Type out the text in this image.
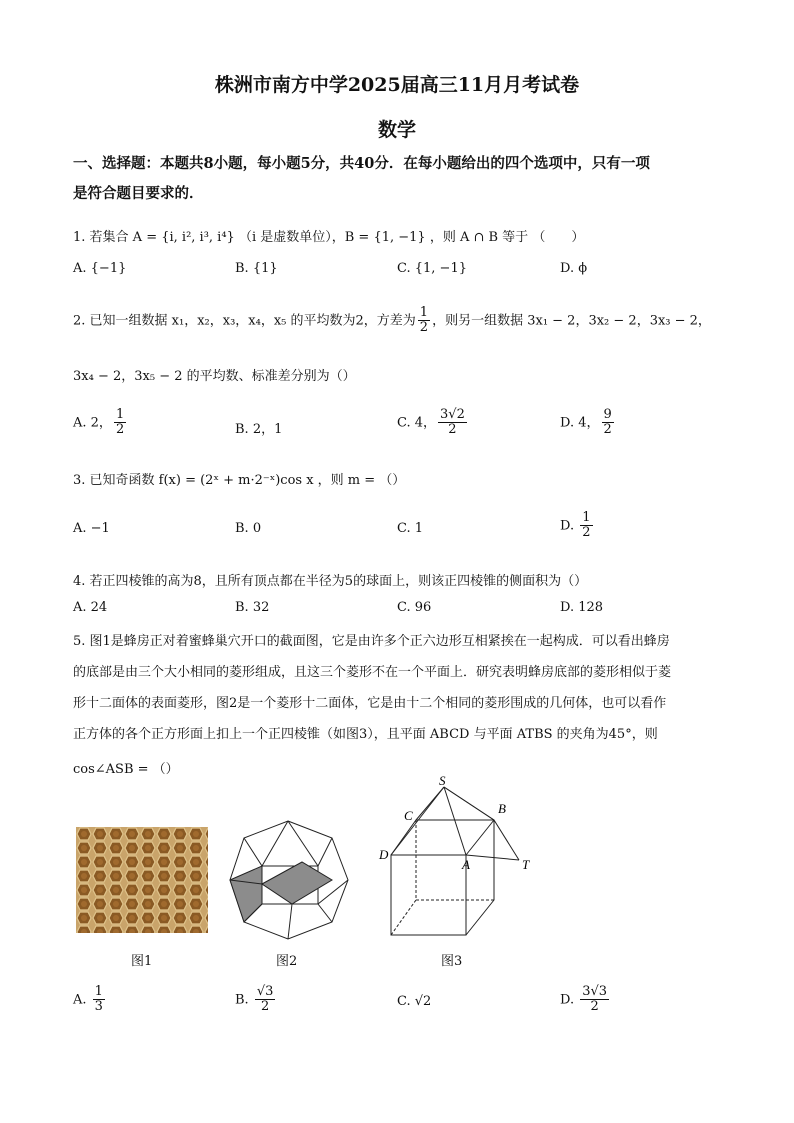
株洲市南方中学2025届高三11月月考试卷
数学
一、选择题：本题共8小题，每小题5分，共40分．在每小题给出的四个选项中，只有一项
是符合题目要求的．
1. 若集合 A = {i, i², i³, i⁴} （i 是虚数单位），B = {1, −1} ，则 A ∩ B 等于 （　　）
A. {−1}	B. {1}	C. {1, −1}	D. ϕ
2. 已知一组数据 x₁，x₂，x₃，x₄，x₅ 的平均数为2，方差为 $\frac{1}{2}$ ，则另一组数据 3x₁ − 2，3x₂ − 2，3x₃ − 2，
3x₄ − 2，3x₅ − 2 的平均数、标准差分别为（）
A. 2， $\frac{1}{2}$	B. 2，1	C. 4， $\frac{3√2}{2}$	D. 4， $\frac{9}{2}$
3. 已知奇函数 f(x) = (2ˣ + m·2⁻ˣ)cos x ，则 m = （）
A. −1	B. 0	C. 1	D. $\frac{1}{2}$
4. 若正四棱锥的高为8，且所有顶点都在半径为5的球面上，则该正四棱锥的侧面积为（）
A. 24	B. 32	C. 96	D. 128
5. 图1是蜂房正对着蜜蜂巢穴开口的截面图，它是由许多个正六边形互相紧挨在一起构成．可以看出蜂房
的底部是由三个大小相同的菱形组成，且这三个菱形不在一个平面上．研究表明蜂房底部的菱形相似于菱
形十二面体的表面菱形，图2是一个菱形十二面体，它是由十二个相同的菱形围成的几何体，也可以看作
正方体的各个正方形面上扣上一个正四棱锥（如图3），且平面 ABCD 与平面 ATBS 的夹角为45°，则
cos∠ASB = （）
图1	图2
S
B
C
D
A	T
图3
A. $\frac{1}{3}$	B. $\frac{√3}{2}$	C. √2	D. $\frac{3√3}{2}$
